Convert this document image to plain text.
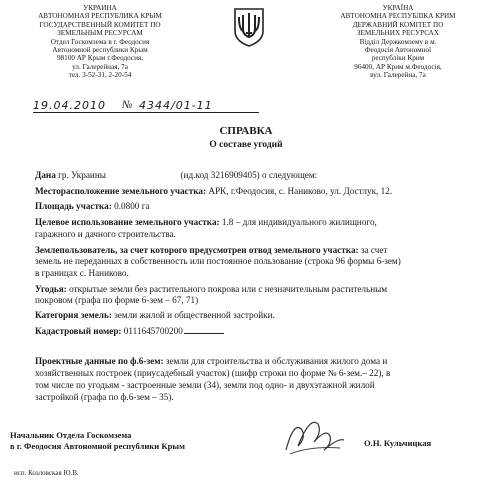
УКРАИНА
АВТОНОМНАЯ РЕСПУБЛИКА КРЫМ
ГОСУДАРСТВЕННЫЙ КОМИТЕТ ПО
ЗЕМЕЛЬНЫМ РЕСУРСАМ
Отдел Госкомзема в г. Феодосия
Автономной республики Крым
98100 АР Крым г.Феодосия,
ул. Галерейная, 7а
тел. 3-52-31, 2-20-54
УКРАЇНА
АВТОНОМНА РЕСПУБЛІКА КРИМ
ДЕРЖАВНИЙ КОМІТЕТ ПО
ЗЕМЕЛЬНИХ РЕСУРСАХ
Відділ Держкомзему в м.
Феодосія Автономної
республіки Крим
96400, АР Крим м.Феодосія,
вул. Галерейна, 7а
19.04.2010 № 4344/01-11
СПРАВКА
О составе угодий
Дана гр. Украины	(ид.код 3216909405) о следующем:
Месторасположение земельного участка: АРК, г.Феодосия, с. Наниково, ул. Достлук, 12.
Площадь участка: 0.0800 га
Целевое использование земельного участка: 1.8 – для индивидуального жилищного,
гаражного и дачного строительства.
Землепользователь, за счет которого предусмотрен отвод земельного участка: за счет
земель не переданных в собственность или постоянное пользование (строка 96 формы 6-зем)
в границах с. Наниково.
Угодья: открытые земли без растительного покрова или с незначительным растительным
покровом (графа по форме 6-зем – 67, 71)
Категория земель: земли жилой и общественной застройки.
Кадастровый номер: 0111645700200
Проектные данные по ф.6-зем: земли для строительства и обслуживания жилого дома и
хозяйственных построек (приусадебный участок) (шифр строки по форме № 6-зем.– 22), в
том числе по угодьям - застроенные земли (34), земли под одно- и двухэтажной жилой
застройкой (графа по ф.6-зем – 35).
Начальник Отдела Госкомзема
в г. Феодосия Автономной республики Крым	О.Н. Кульчицкая
исп. Козловская Ю.В.
